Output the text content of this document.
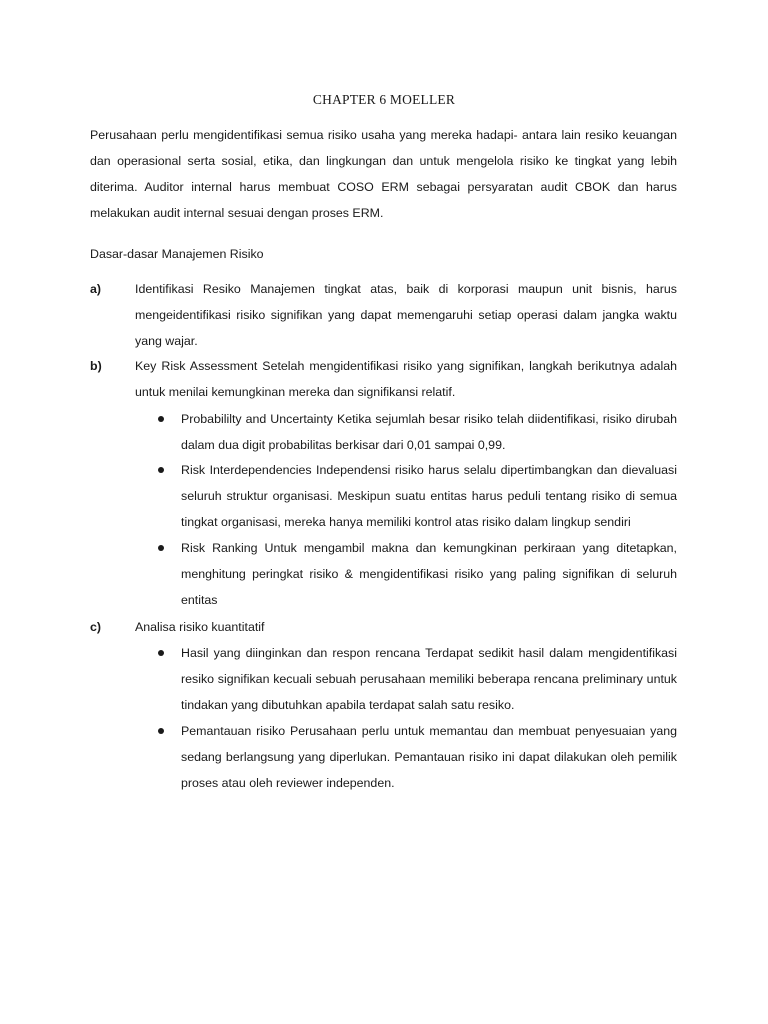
CHAPTER 6 MOELLER
Perusahaan perlu mengidentifikasi semua risiko usaha yang mereka hadapi- antara lain resiko keuangan dan operasional serta sosial, etika, dan lingkungan dan untuk mengelola risiko ke tingkat yang lebih diterima. Auditor internal harus membuat COSO ERM sebagai persyaratan audit CBOK dan harus melakukan audit internal sesuai dengan proses ERM.
Dasar-dasar Manajemen Risiko
a)	Identifikasi Resiko Manajemen tingkat atas, baik di korporasi maupun unit bisnis, harus mengeidentifikasi risiko signifikan yang dapat memengaruhi setiap operasi dalam jangka waktu yang wajar.
b)	Key Risk Assessment Setelah mengidentifikasi risiko yang signifikan, langkah berikutnya adalah untuk menilai kemungkinan mereka dan signifikansi relatif.
Probabililty and Uncertainty Ketika sejumlah besar risiko telah diidentifikasi, risiko dirubah dalam dua digit probabilitas berkisar dari 0,01 sampai 0,99.
Risk Interdependencies Independensi risiko harus selalu dipertimbangkan dan dievaluasi seluruh struktur organisasi. Meskipun suatu entitas harus peduli tentang risiko di semua tingkat organisasi, mereka hanya memiliki kontrol atas risiko dalam lingkup sendiri
Risk Ranking Untuk mengambil makna dan kemungkinan perkiraan yang ditetapkan, menghitung peringkat risiko & mengidentifikasi risiko yang paling signifikan di seluruh entitas
c)	Analisa risiko kuantitatif
Hasil yang diinginkan dan respon rencana Terdapat sedikit hasil dalam mengidentifikasi resiko signifikan kecuali sebuah perusahaan memiliki beberapa rencana preliminary untuk tindakan yang dibutuhkan apabila terdapat salah satu resiko.
Pemantauan risiko Perusahaan perlu untuk memantau dan membuat penyesuaian yang sedang berlangsung yang diperlukan. Pemantauan risiko ini dapat dilakukan oleh pemilik proses atau oleh reviewer independen.
